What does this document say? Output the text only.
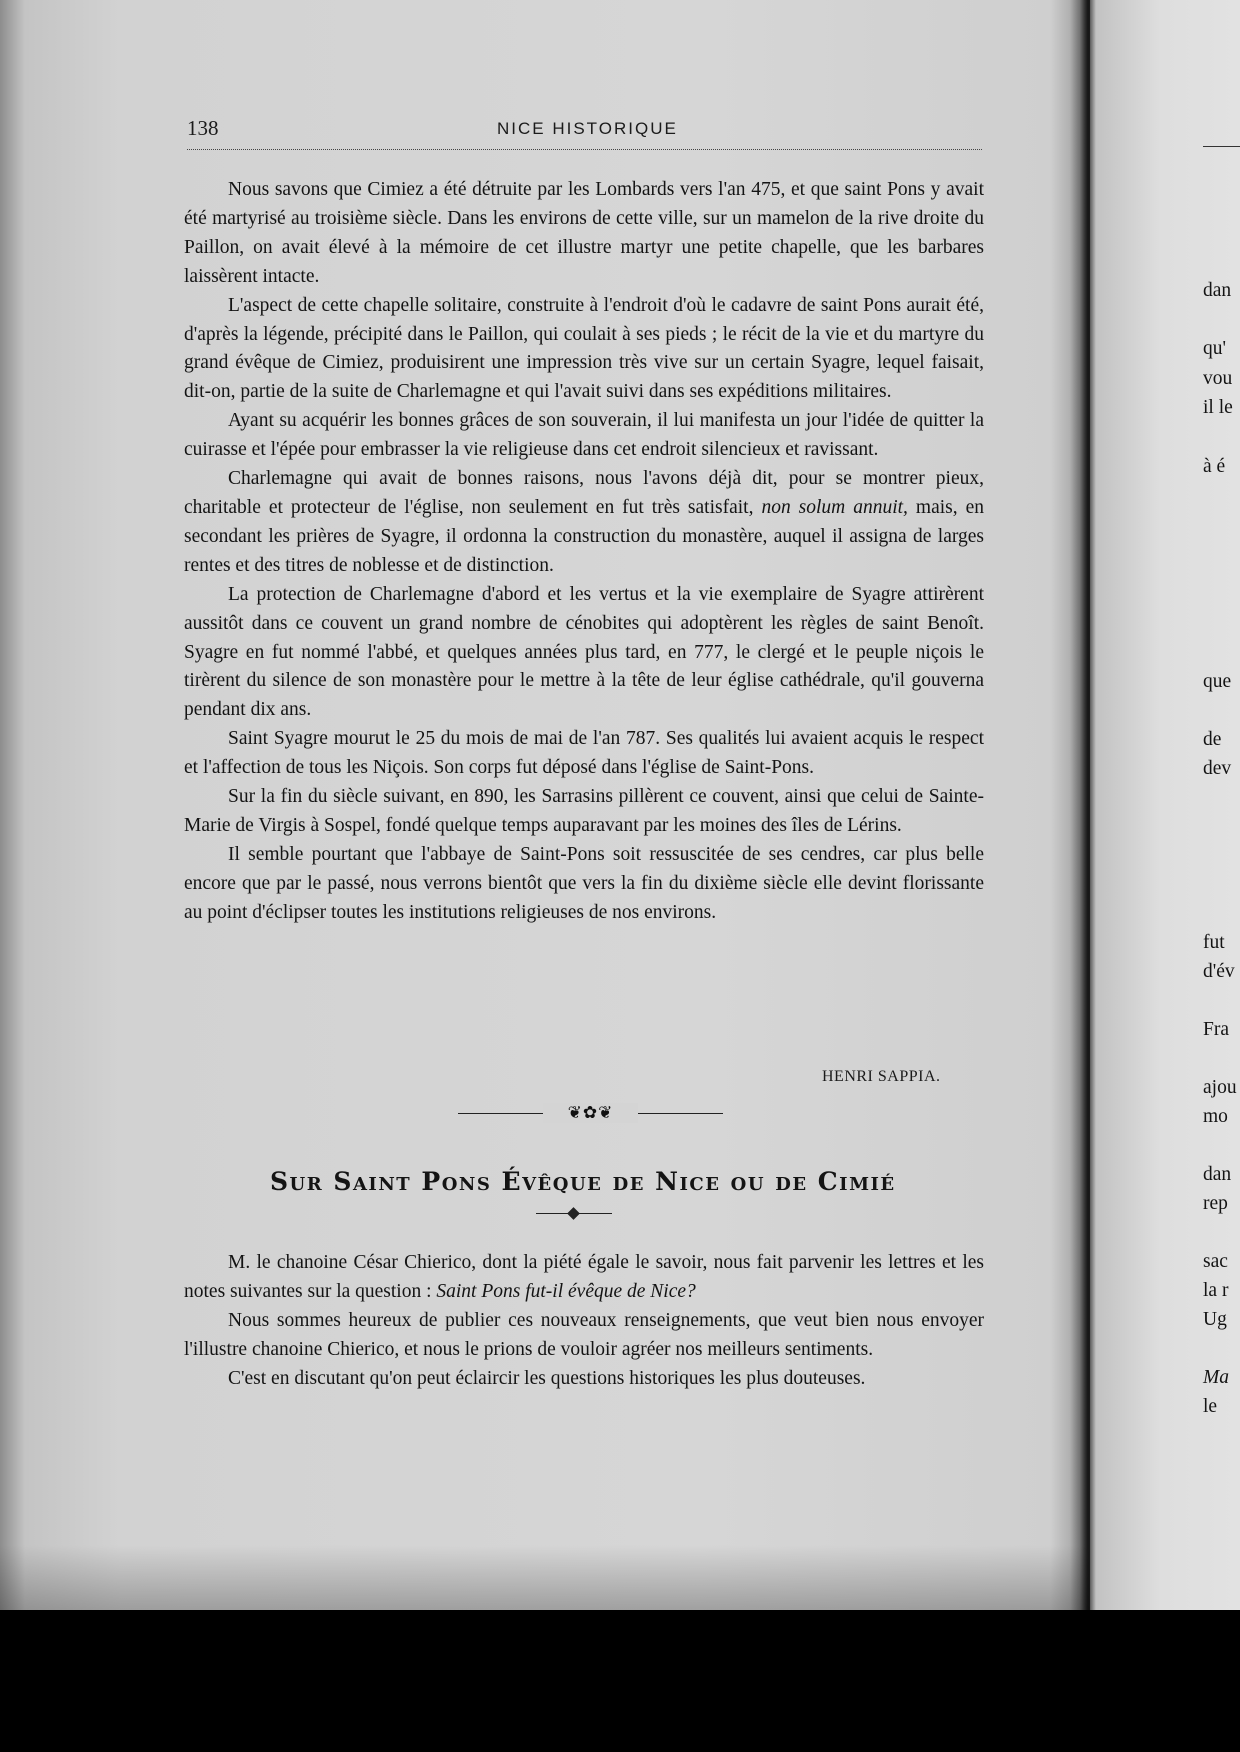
138	NICE HISTORIQUE

Nous savons que Cimiez a été détruite par les Lombards vers l'an 475, et que saint Pons y avait été martyrisé au troisième siècle. Dans les environs de cette ville, sur un mamelon de la rive droite du Paillon, on avait élevé à la mémoire de cet illustre martyr une petite chapelle, que les barbares laissèrent intacte.

L'aspect de cette chapelle solitaire, construite à l'endroit d'où le cadavre de saint Pons aurait été, d'après la légende, précipité dans le Paillon, qui coulait à ses pieds ; le récit de la vie et du martyre du grand évêque de Cimiez, produisirent une impression très vive sur un certain Syagre, lequel faisait, dit-on, partie de la suite de Charlemagne et qui l'avait suivi dans ses expéditions militaires.

Ayant su acquérir les bonnes grâces de son souverain, il lui manifesta un jour l'idée de quitter la cuirasse et l'épée pour embrasser la vie religieuse dans cet endroit silencieux et ravissant.

Charlemagne qui avait de bonnes raisons, nous l'avons déjà dit, pour se montrer pieux, charitable et protecteur de l'église, non seulement en fut très satisfait, non solum annuit, mais, en secondant les prières de Syagre, il ordonna la construction du monastère, auquel il assigna de larges rentes et des titres de noblesse et de distinction.

La protection de Charlemagne d'abord et les vertus et la vie exemplaire de Syagre attirèrent aussitôt dans ce couvent un grand nombre de cénobites qui adoptèrent les règles de saint Benoît. Syagre en fut nommé l'abbé, et quelques années plus tard, en 777, le clergé et le peuple niçois le tirèrent du silence de son monastère pour le mettre à la tête de leur église cathédrale, qu'il gouverna pendant dix ans.

Saint Syagre mourut le 25 du mois de mai de l'an 787. Ses qualités lui avaient acquis le respect et l'affection de tous les Niçois. Son corps fut déposé dans l'église de Saint-Pons.

Sur la fin du siècle suivant, en 890, les Sarrasins pillèrent ce couvent, ainsi que celui de Sainte-Marie de Virgis à Sospel, fondé quelque temps auparavant par les moines des îles de Lérins.

Il semble pourtant que l'abbaye de Saint-Pons soit ressuscitée de ses cendres, car plus belle encore que par le passé, nous verrons bientôt que vers la fin du dixième siècle elle devint florissante au point d'éclipser toutes les institutions religieuses de nos environs.

HENRI SAPPIA.
❦✿❦
Sur Saint Pons Évêque de Nice ou de Cimié

M. le chanoine César Chierico, dont la piété égale le savoir, nous fait parvenir les lettres et les notes suivantes sur la question : Saint Pons fut-il évêque de Nice?

Nous sommes heureux de publier ces nouveaux renseignements, que veut bien nous envoyer l'illustre chanoine Chierico, et nous le prions de vouloir agréer nos meilleurs sentiments.

C'est en discutant qu'on peut éclaircir les questions historiques les plus douteuses.

dan
qu'
vou
il le
à é
que
de
dev
fut
d'év
Fra
ajou
mo
dan
rep
sac
la r
Ug
Ma
le
